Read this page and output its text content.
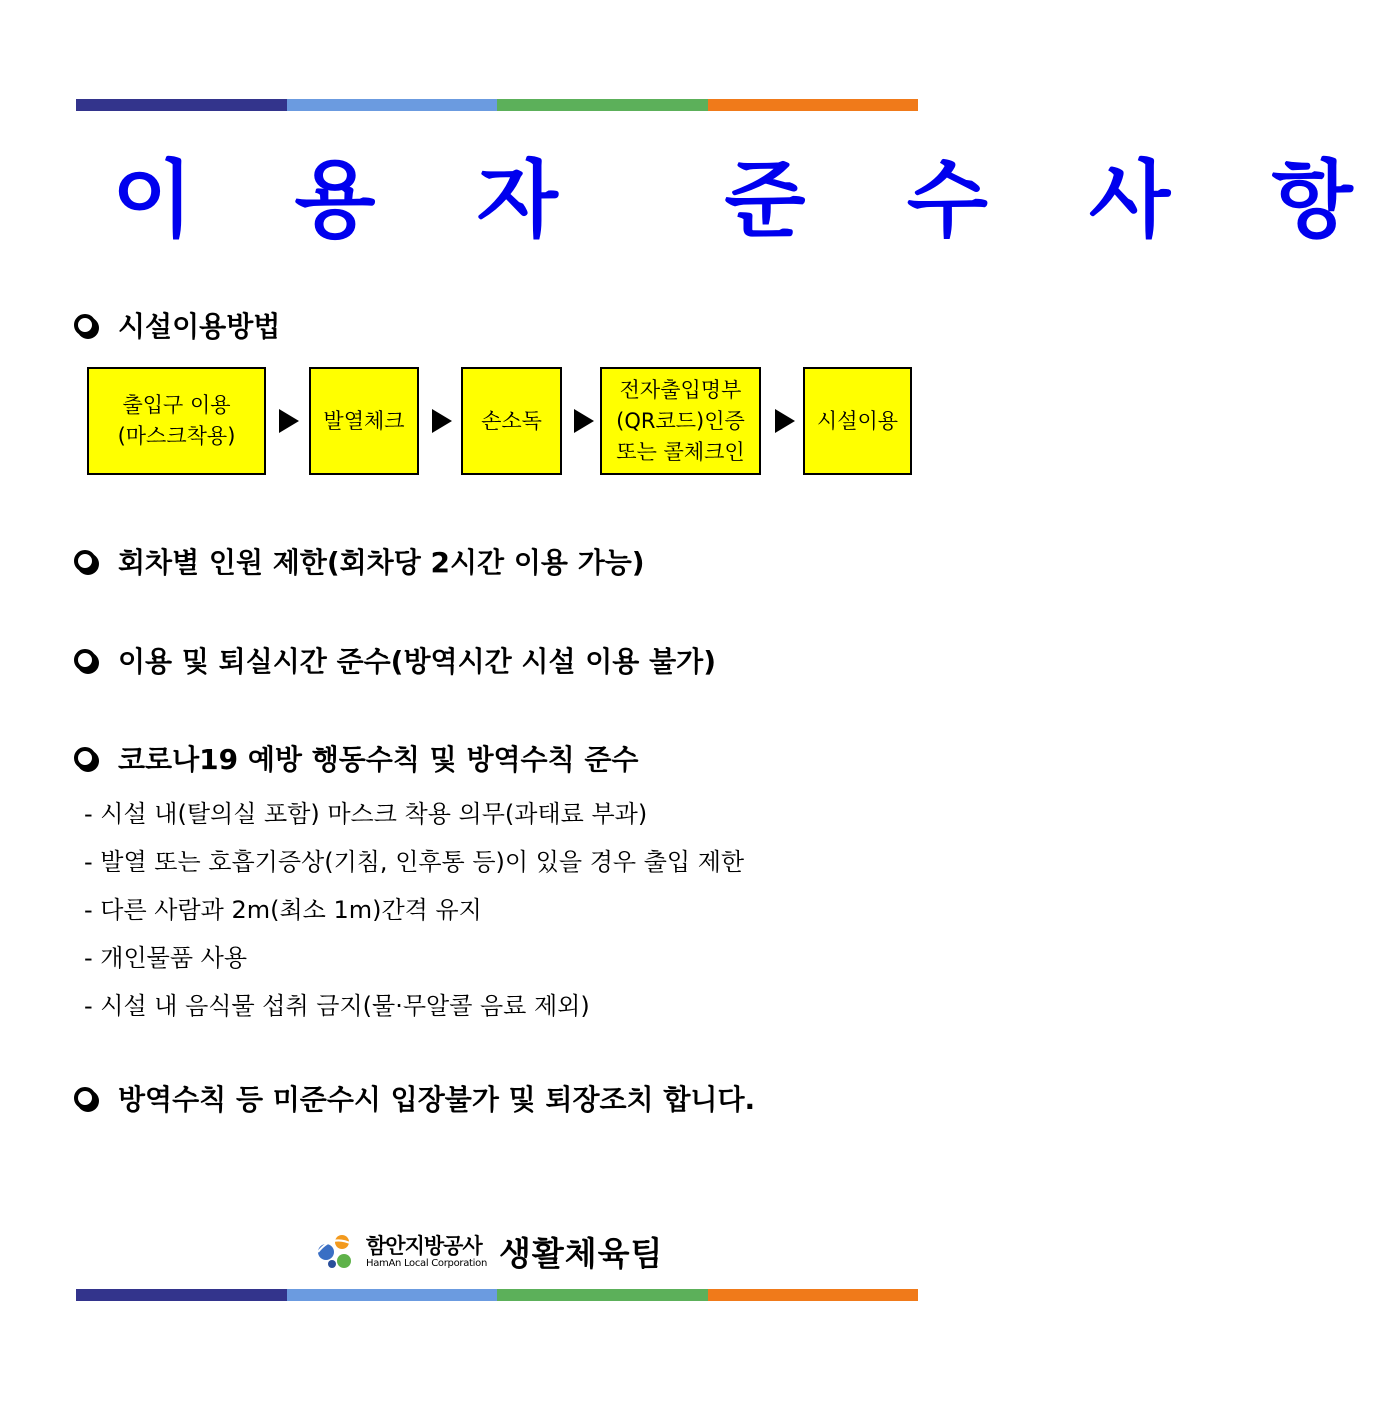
이 용 자  준 수 사 항
시설이용방법
출입구 이용
(마스크착용)
발열체크	손소독
전자출입명부
(QR코드)인증
또는 콜체크인
시설이용
회차별 인원 제한(회차당 2시간 이용 가능)
이용 및 퇴실시간 준수(방역시간 시설 이용 불가)
코로나19 예방 행동수칙 및 방역수칙 준수
- 시설 내(탈의실 포함) 마스크 착용 의무(과태료 부과)
- 발열 또는 호흡기증상(기침, 인후통 등)이 있을 경우 출입 제한
- 다른 사람과 2m(최소 1m)간격 유지
- 개인물품 사용
- 시설 내 음식물 섭취 금지(물·무알콜 음료 제외)
방역수칙 등 미준수시 입장불가 및 퇴장조치 합니다.
함안지방공사
HamAn Local Corporation 생활체육팀
